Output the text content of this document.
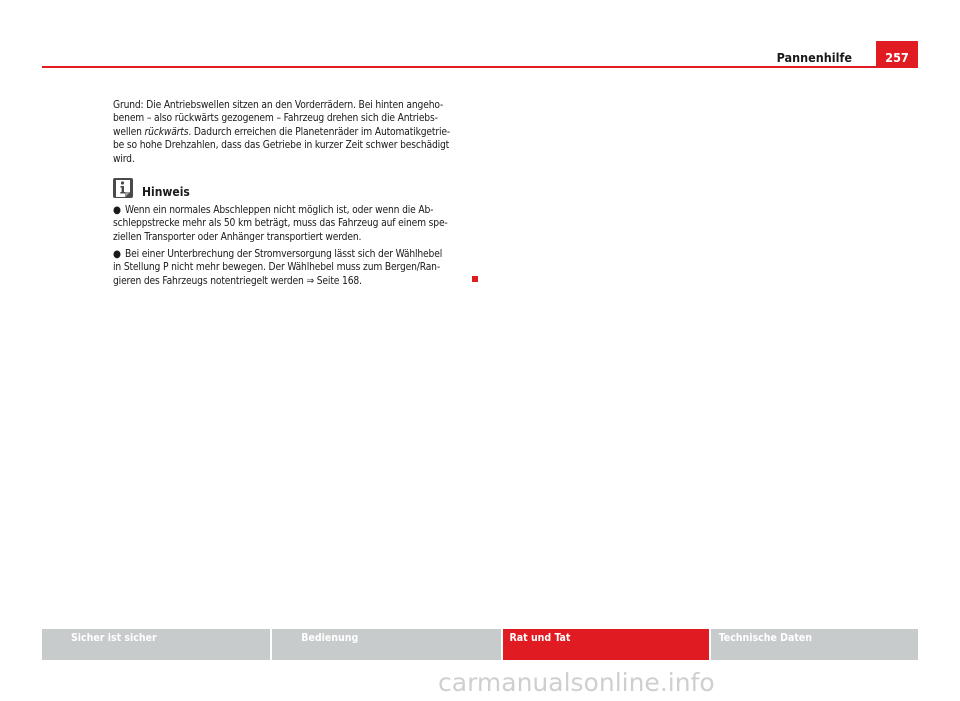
Pannenhilfe	257

Grund: Die Antriebswellen sitzen an den Vorderrädern. Bei hinten angeho-
benem – also rückwärts gezogenem – Fahrzeug drehen sich die Antriebs-
wellen rückwärts. Dadurch erreichen die Planetenräder im Automatikgetrie-
be so hohe Drehzahlen, dass das Getriebe in kurzer Zeit schwer beschädigt
wird.

Hinweis

● Wenn ein normales Abschleppen nicht möglich ist, oder wenn die Ab-
schleppstrecke mehr als 50 km beträgt, muss das Fahrzeug auf einem spe-
ziellen Transporter oder Anhänger transportiert werden.

● Bei einer Unterbrechung der Stromversorgung lässt sich der Wählhebel
in Stellung P nicht mehr bewegen. Der Wählhebel muss zum Bergen/Ran-
gieren des Fahrzeugs notentriegelt werden ⇒ Seite 168.

Sicher ist sicher	Bedienung	Rat und Tat	Technische Daten
carmanualsonline.info
